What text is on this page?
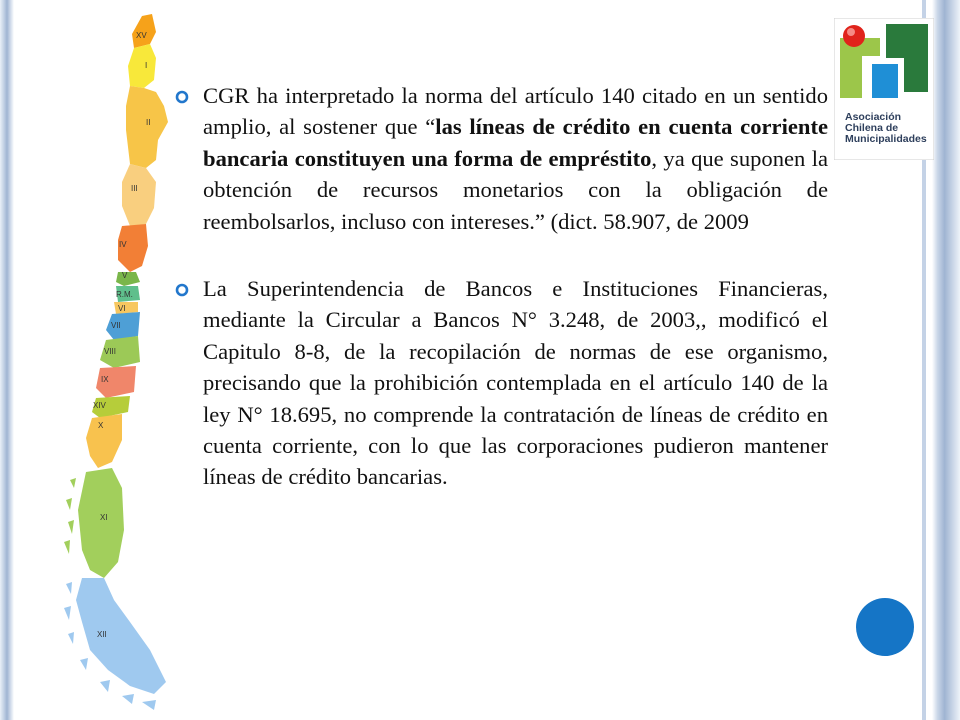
XV
I
II
III
IV
V
R.M.
VI
VII
VIII
IX
XIV
X
XI
XII
Asociación
Chilena de
Municipalidades
CGR ha interpretado la norma del artículo 140 citado en un sentido amplio, al sostener que “las líneas de crédito en cuenta corriente bancaria constituyen una forma de empréstito, ya que suponen la obtención de recursos monetarios con la obligación de reembolsarlos, incluso con intereses.” (dict. 58.907, de 2009
La Superintendencia de Bancos e Instituciones Financieras, mediante la Circular a Bancos N° 3.248, de 2003,, modificó el Capitulo 8-8, de la recopilación de normas de ese organismo, precisando que la prohibición contemplada en el artículo 140 de la ley N° 18.695, no comprende la contratación de líneas de crédito en cuenta corriente, con lo que las corporaciones pudieron mantener líneas de crédito bancarias.
